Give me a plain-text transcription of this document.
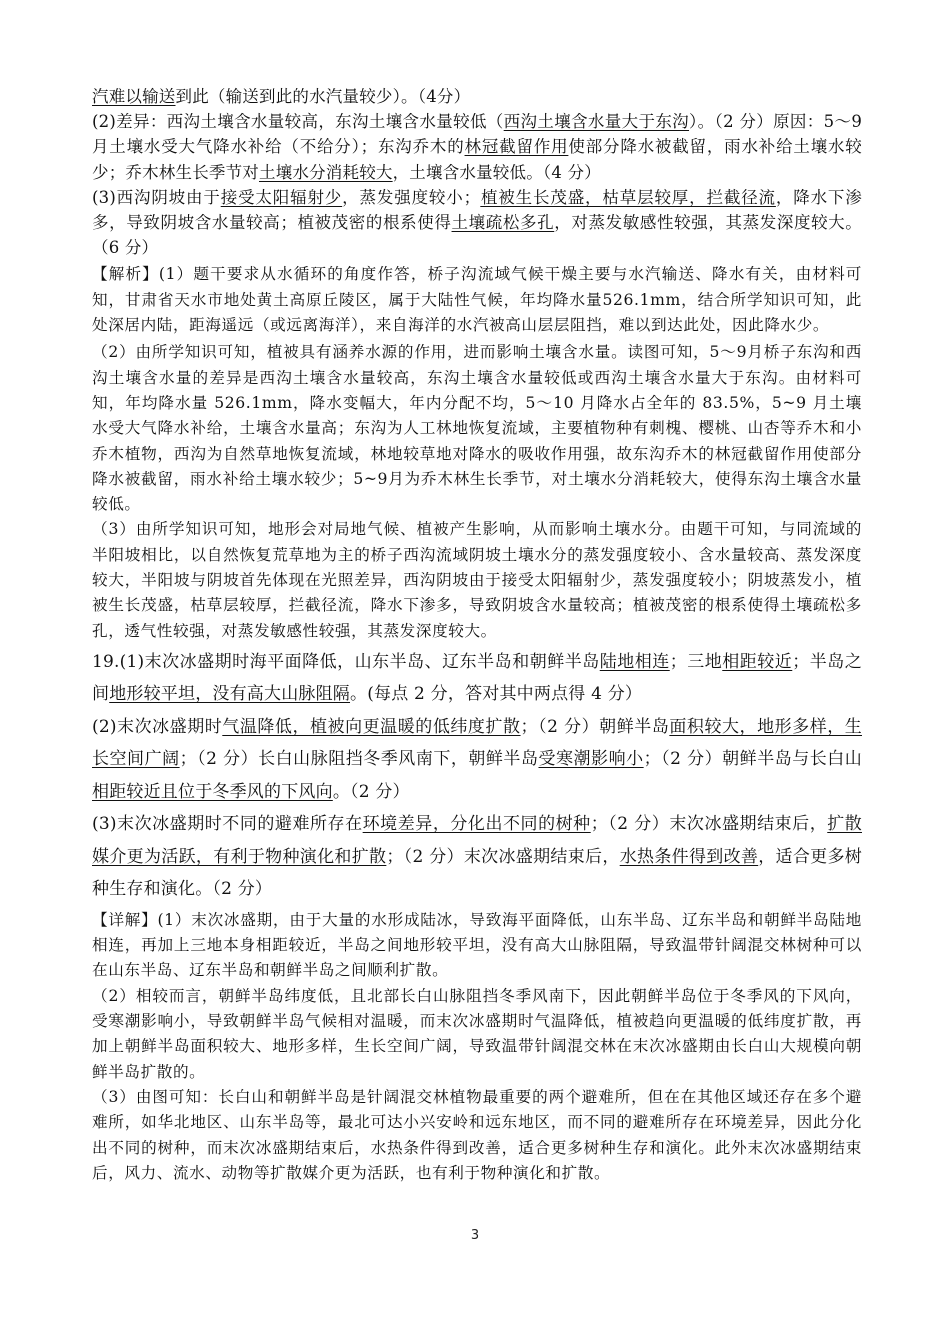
汽难以输送到此（输送到此的水汽量较少）。（4分）

(2)差异：西沟土壤含水量较高，东沟土壤含水量较低（西沟土壤含水量大于东沟）。（2 分）原因：5～9 月土壤水受大气降水补给（不给分）；东沟乔木的林冠截留作用使部分降水被截留，雨水补给土壤水较少；乔木林生长季节对土壤水分消耗较大，土壤含水量较低。（4 分）

(3)西沟阴坡由于接受太阳辐射少，蒸发强度较小；植被生长茂盛，枯草层较厚，拦截径流，降水下渗多，导致阴坡含水量较高；植被茂密的根系使得土壤疏松多孔，对蒸发敏感性较强，其蒸发深度较大。（6 分）

【解析】(1）题干要求从水循环的角度作答，桥子沟流域气候干燥主要与水汽输送、降水有关，由材料可知，甘肃省天水市地处黄土高原丘陵区，属于大陆性气候，年均降水量526.1mm，结合所学知识可知，此处深居内陆，距海遥远（或远离海洋），来自海洋的水汽被高山层层阻挡，难以到达此处，因此降水少。

（2）由所学知识可知，植被具有涵养水源的作用，进而影响土壤含水量。读图可知，5～9月桥子东沟和西沟土壤含水量的差异是西沟土壤含水量较高，东沟土壤含水量较低或西沟土壤含水量大于东沟。由材料可知，年均降水量 526.1mm，降水变幅大，年内分配不均，5～10 月降水占全年的 83.5%，5~9 月土壤水受大气降水补给，土壤含水量高；东沟为人工林地恢复流域，主要植物种有刺槐、樱桃、山杏等乔木和小乔木植物，西沟为自然草地恢复流域，林地较草地对降水的吸收作用强，故东沟乔木的林冠截留作用使部分降水被截留，雨水补给土壤水较少；5~9月为乔木林生长季节，对土壤水分消耗较大，使得东沟土壤含水量较低。

（3）由所学知识可知，地形会对局地气候、植被产生影响，从而影响土壤水分。由题干可知，与同流域的半阳坡相比，以自然恢复荒草地为主的桥子西沟流域阴坡土壤水分的蒸发强度较小、含水量较高、蒸发深度较大，半阳坡与阴坡首先体现在光照差异，西沟阴坡由于接受太阳辐射少，蒸发强度较小；阴坡蒸发小，植被生长茂盛，枯草层较厚，拦截径流，降水下渗多，导致阴坡含水量较高；植被茂密的根系使得土壤疏松多孔，透气性较强，对蒸发敏感性较强，其蒸发深度较大。

19.(1)末次冰盛期时海平面降低，山东半岛、辽东半岛和朝鲜半岛陆地相连；三地相距较近；半岛之间地形较平坦，没有高大山脉阻隔。(每点 2 分，答对其中两点得 4 分）

(2)末次冰盛期时气温降低，植被向更温暖的低纬度扩散；（2 分）朝鲜半岛面积较大，地形多样，生长空间广阔；（2 分）长白山脉阻挡冬季风南下，朝鲜半岛受寒潮影响小；（2 分）朝鲜半岛与长白山相距较近且位于冬季风的下风向。（2 分）

(3)末次冰盛期时不同的避难所存在环境差异，分化出不同的树种；（2 分）末次冰盛期结束后，扩散媒介更为活跃，有利于物种演化和扩散；（2 分）末次冰盛期结束后，水热条件得到改善，适合更多树种生存和演化。（2 分）

【详解】(1）末次冰盛期，由于大量的水形成陆冰，导致海平面降低，山东半岛、辽东半岛和朝鲜半岛陆地相连，再加上三地本身相距较近，半岛之间地形较平坦，没有高大山脉阻隔，导致温带针阔混交林树种可以在山东半岛、辽东半岛和朝鲜半岛之间顺利扩散。

（2）相较而言，朝鲜半岛纬度低，且北部长白山脉阻挡冬季风南下，因此朝鲜半岛位于冬季风的下风向，受寒潮影响小，导致朝鲜半岛气候相对温暖，而末次冰盛期时气温降低，植被趋向更温暖的低纬度扩散，再加上朝鲜半岛面积较大、地形多样，生长空间广阔，导致温带针阔混交林在末次冰盛期由长白山大规模向朝鲜半岛扩散的。

（3）由图可知：长白山和朝鲜半岛是针阔混交林植物最重要的两个避难所，但在在其他区域还存在多个避难所，如华北地区、山东半岛等，最北可达小兴安岭和远东地区，而不同的避难所存在环境差异，因此分化出不同的树种，而末次冰盛期结束后，水热条件得到改善，适合更多树种生存和演化。此外末次冰盛期结束后，风力、流水、动物等扩散媒介更为活跃，也有利于物种演化和扩散。

3
